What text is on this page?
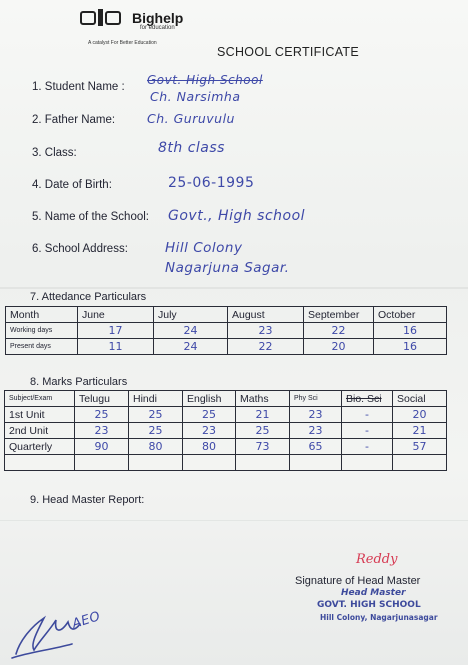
Bighelp
for education
A catalyst For Better Education
SCHOOL CERTIFICATE
1. Student Name : Govt. High School
Ch. Narsimha
2. Father Name:	Ch. Guruvulu
3. Class:	8th class
4. Date of Birth:	25-06-1995
5. Name of the School: Govt., High school
6. School Address:	Hill Colony
Nagarjuna Sagar.
7. Attedance Particulars
Month	June	July	August	September	October
Working days	17	24	23	22	16
Present days	11	24	22	20	16
8. Marks Particulars
Subject/Exam	Telugu	Hindi	English	Maths	Phy Sci	Bio. Sci	Social
1st Unit	25	25	25	21	23	-	20
2nd Unit	23	25	23	25	23	-	21
Quarterly	90	80	80	73	65	-	57

9. Head Master Report:
Reddy
Signature of Head Master
Head Master
GOVT. HIGH SCHOOL
Hill Colony, Nagarjunasagar
AEO
